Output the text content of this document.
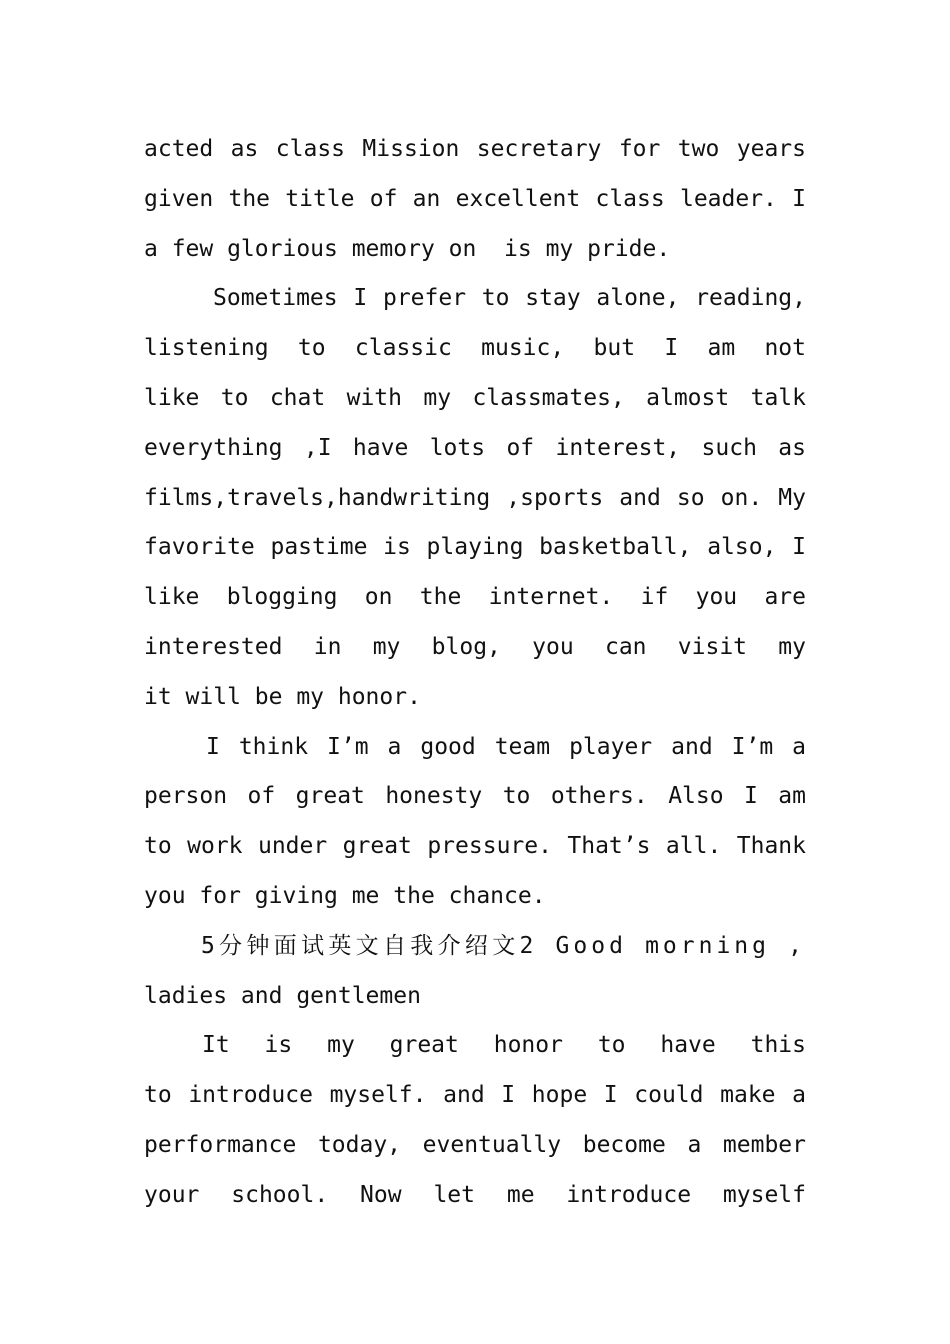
acted as class Mission secretary for two years
given the title of an excellent class leader. I
a few glorious memory on  is my pride.
Sometimes I prefer to stay alone, reading,
listening to classic music, but I am not
like to chat with my classmates, almost talk
everything ,I have lots of interest, such as
films,travels,handwriting ,sports and so on. My
favorite pastime is playing basketball, also, I
like blogging on the internet. if you are
interested in my blog, you can visit my
it will be my honor.
I think I’m a good team player and I’m a
person of great honesty to others. Also I am
to work under great pressure. That’s all. Thank
you for giving me the chance.
5分钟面试英文自我介绍文2 Good morning ,
ladies and gentlemen
It is my great honor to have this
to introduce myself. and I hope I could make a
performance today, eventually become a member
your school. Now let me introduce myself
